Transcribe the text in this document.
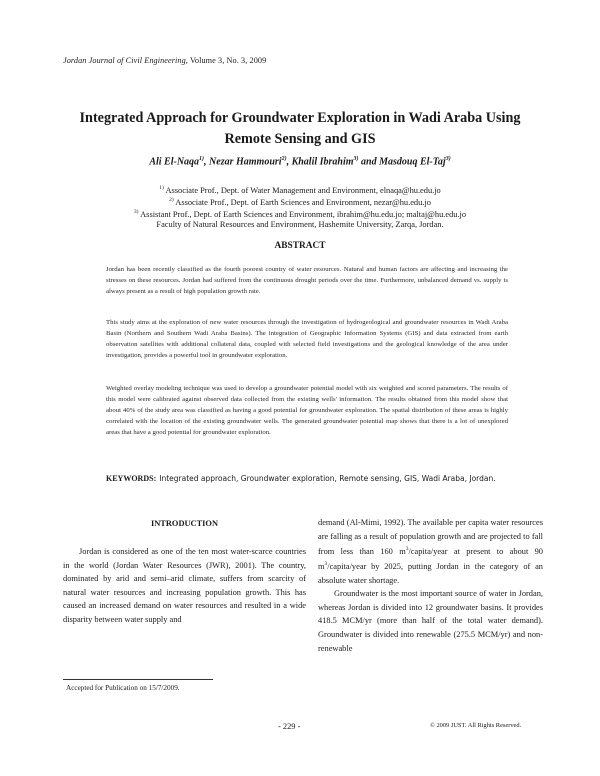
Jordan Journal of Civil Engineering, Volume 3, No. 3, 2009
Integrated Approach for Groundwater Exploration in Wadi Araba Using
Remote Sensing and GIS
Ali El-Naqa$^{1)}$, Nezar Hammouri$^{2)}$, Khalil Ibrahim$^{3)}$ and Masdouq El-Taj$^{3)}$
$^{1)}$ Associate Prof., Dept. of Water Management and Environment, elnaqa@hu.edu.jo
$^{2)}$ Associate Prof., Dept. of Earth Sciences and Environment, nezar@hu.edu.jo
$^{3)}$ Assistant Prof., Dept. of Earth Sciences and Environment, ibrahim@hu.edu.jo; maltaj@hu.edu.jo
Faculty of Natural Resources and Environment, Hashemite University, Zarqa, Jordan.
ABSTRACT
Jordan has been recently classified as the fourth poorest country of water resources. Natural and human factors are affecting and increasing the stresses on these resources. Jordan had suffered from the continuous drought periods over the time. Furthermore, unbalanced demand vs. supply is always present as a result of high population growth rate.
This study aims at the exploration of new water resources through the investigation of hydrogeological and groundwater resources in Wadi Araba Basin (Northern and Southern Wadi Araba Basins). The integration of Geographic Information Systems (GIS) and data extracted from earth observation satellites with additional collateral data, coupled with selected field investigations and the geological knowledge of the area under investigation, provides a powerful tool in groundwater exploration.
Weighted overlay modeling technique was used to develop a groundwater potential model with six weighted and scored parameters. The results of this model were calibrated against observed data collected from the existing wells' information. The results obtained from this model show that about 40% of the study area was classified as having a good potential for groundwater exploration. The spatial distribution of these areas is highly correlated with the location of the existing groundwater wells. The generated groundwater potential map shows that there is a lot of unexplored areas that have a good potential for groundwater exploration.
KEYWORDS: Integrated approach, Groundwater exploration, Remote sensing, GIS, Wadi Araba, Jordan.
INTRODUCTION

Jordan is considered as one of the ten most water-scarce countries in the world (Jordan Water Resources (JWR), 2001). The country, dominated by arid and semi–arid climate, suffers from scarcity of natural water resources and increasing population growth. This has caused an increased demand on water resources and resulted in a wide disparity between water supply and

demand (Al-Mimi, 1992). The available per capita water resources are falling as a result of population growth and are projected to fall from less than 160 $m^3/capita$/year at present to about 90 $m^3/capita$/year by 2025, putting Jordan in the category of an absolute water shortage.

Groundwater is the most important source of water in Jordan, whereas Jordan is divided into 12 groundwater basins. It provides 418.5 MCM/yr (more than half of the total water demand). Groundwater is divided into renewable (275.5 MCM/yr) and non-renewable

Accepted for Publication on 15/7/2009.
- 229 -	© 2009 JUST. All Rights Reserved.
